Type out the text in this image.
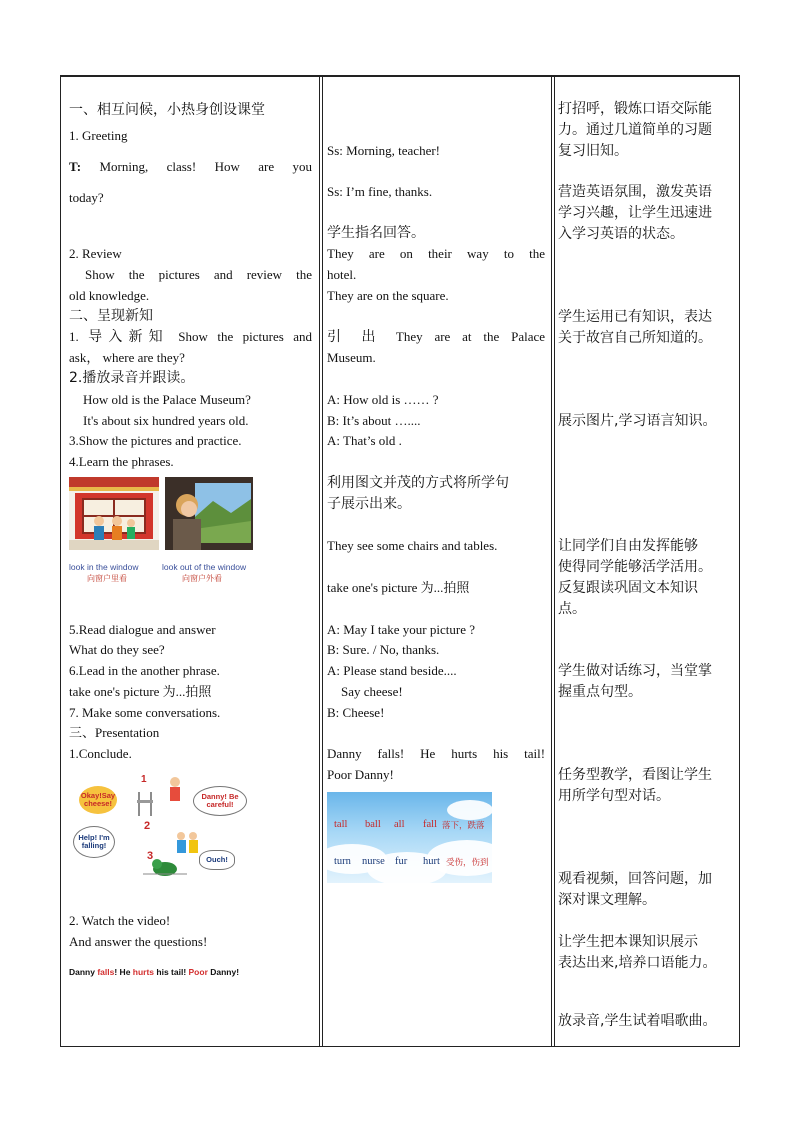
一、相互问候，小热身创设课堂
1. Greeting
T: Morning, class! How are you
today?
2. Review
Show the pictures and review the
old knowledge.
二、呈现新知
1. 导入新知 Show the pictures and
ask， where are they?
2.播放录音并跟读。
How old is the Palace Museum?
It's about six hundred years old.
3.Show the pictures and practice.
4.Learn the phrases.
look in the window
向窗户里看
look out of the window
向窗户外看
5.Read dialogue and answer
What do they see?
6.Lead in the another phrase.
take one's picture 为...拍照
7. Make some conversations.
三、Presentation
1.Conclude.
Okay!Say cheese!
Danny! Be careful!
Help! I'm falling!
Ouch!
1
2
3
Danny falls! He hurts his tail! Poor Danny!
2. Watch the video!
And answer the questions!
Ss: Morning, teacher!
Ss: I’m fine, thanks.
学生指名回答。
They are on their way to the
hotel.
They are on the square.
引 出 They are at the Palace
Museum.
A: How old is …… ?
B: It’s about …....
A: That’s old .
利用图文并茂的方式将所学句
子展示出来。
They see some chairs and tables.
take one's picture 为...拍照
A: May I take your picture ?
B: Sure. / No, thanks.
A: Please stand beside....
Say cheese!
B: Cheese!
Danny falls! He hurts his tail!
Poor Danny!
tall ball all fall 落下，跌落
turn nurse fur hurt 受伤，伤到
打招呼，锻炼口语交际能
力。通过几道简单的习题
复习旧知。
营造英语氛围，激发英语
学习兴趣，让学生迅速进
入学习英语的状态。
学生运用已有知识，表达
关于故宫自己所知道的。
展示图片,学习语言知识。
让同学们自由发挥能够
使得同学能够活学活用。
反复跟读巩固文本知识
点。
学生做对话练习，当堂掌
握重点句型。
任务型教学，看图让学生
用所学句型对话。
观看视频，回答问题，加
深对课文理解。
让学生把本课知识展示
表达出来,培养口语能力。
放录音,学生试着唱歌曲。
